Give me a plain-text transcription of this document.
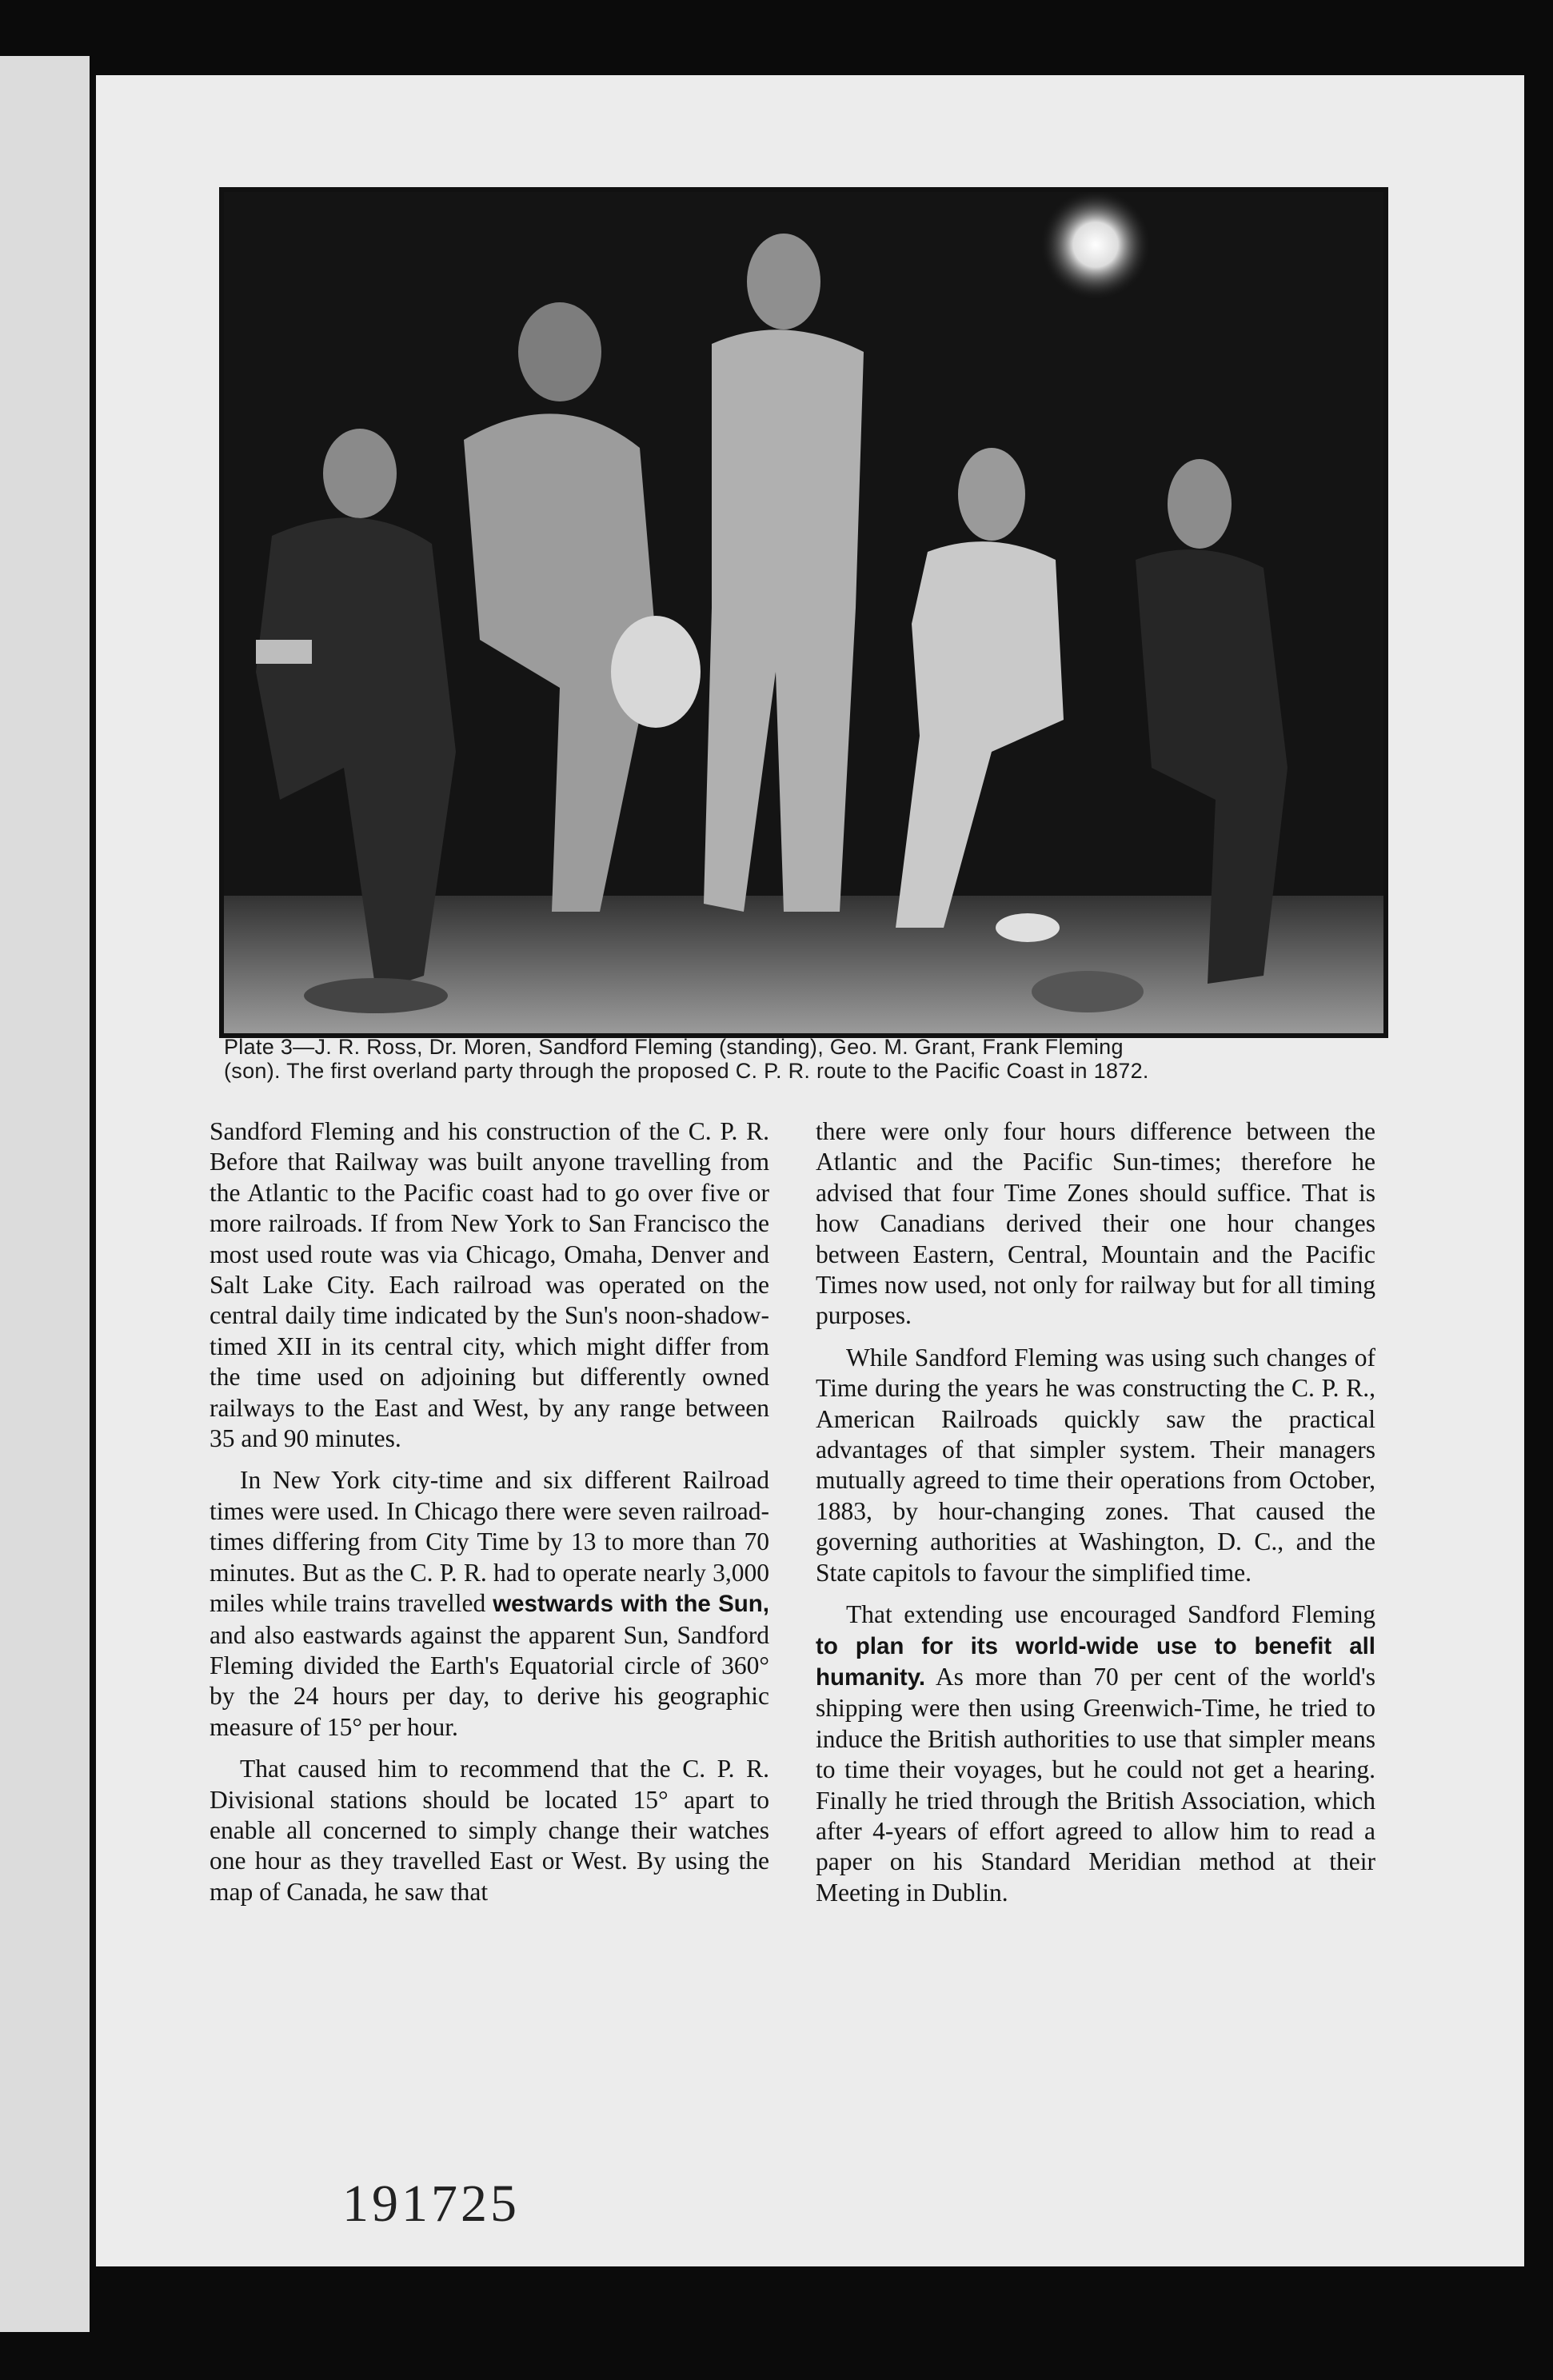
Plate 3—J. R. Ross, Dr. Moren, Sandford Fleming (standing), Geo. M. Grant, Frank Fleming
(son). The first overland party through the proposed C. P. R. route to the Pacific Coast in 1872.

Sandford Fleming and his construction of the C. P. R. Before that Railway was built anyone travelling from the Atlantic to the Pacific coast had to go over five or more railroads. If from New York to San Francisco the most used route was via Chicago, Omaha, Denver and Salt Lake City. Each railroad was operated on the central daily time indicated by the Sun's noon-shadow-timed XII in its central city, which might differ from the time used on adjoining but differently owned railways to the East and West, by any range between 35 and 90 minutes.

In New York city-time and six different Railroad times were used. In Chicago there were seven railroad-times differing from City Time by 13 to more than 70 minutes. But as the C. P. R. had to operate nearly 3,000 miles while trains travelled westwards with the Sun, and also eastwards against the apparent Sun, Sandford Fleming divided the Earth's Equatorial circle of 360° by the 24 hours per day, to derive his geographic measure of 15° per hour.

That caused him to recommend that the C. P. R. Divisional stations should be located 15° apart to enable all concerned to simply change their watches one hour as they travelled East or West. By using the map of Canada, he saw that

there were only four hours difference between the Atlantic and the Pacific Sun-times; therefore he advised that four Time Zones should suffice. That is how Canadians derived their one hour changes between Eastern, Central, Mountain and the Pacific Times now used, not only for railway but for all timing purposes.

While Sandford Fleming was using such changes of Time during the years he was constructing the C. P. R., American Railroads quickly saw the practical advantages of that simpler system. Their managers mutually agreed to time their operations from October, 1883, by hour-changing zones. That caused the governing authorities at Washington, D. C., and the State capitols to favour the simplified time.

That extending use encouraged Sandford Fleming to plan for its world-wide use to benefit all humanity. As more than 70 per cent of the world's shipping were then using Greenwich-Time, he tried to induce the British authorities to use that simpler means to time their voyages, but he could not get a hearing. Finally he tried through the British Association, which after 4-years of effort agreed to allow him to read a paper on his Standard Meridian method at their Meeting in Dublin.

191725
